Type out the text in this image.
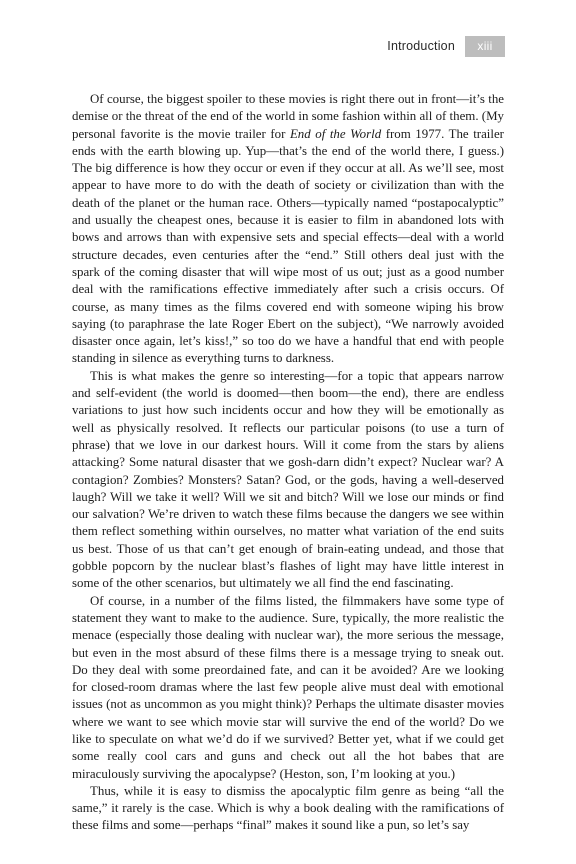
Introduction	xiii

Of course, the biggest spoiler to these movies is right there out in front—it’s the demise or the threat of the end of the world in some fashion within all of them. (My personal favorite is the movie trailer for End of the World from 1977. The trailer ends with the earth blowing up. Yup—that’s the end of the world there, I guess.) The big difference is how they occur or even if they occur at all. As we’ll see, most appear to have more to do with the death of society or civilization than with the death of the planet or the human race. Others—typically named “postapocalyptic” and usually the cheapest ones, because it is easier to film in abandoned lots with bows and arrows than with expensive sets and special effects—deal with a world structure decades, even centuries after the “end.” Still others deal just with the spark of the coming disaster that will wipe most of us out; just as a good number deal with the ramifications effective immediately after such a crisis occurs. Of course, as many times as the films covered end with someone wiping his brow saying (to paraphrase the late Roger Ebert on the subject), “We narrowly avoided disaster once again, let’s kiss!,” so too do we have a handful that end with people standing in silence as everything turns to darkness.

This is what makes the genre so interesting—for a topic that appears narrow and self-evident (the world is doomed—then boom—the end), there are endless variations to just how such incidents occur and how they will be emotionally as well as physically resolved. It reflects our particular poisons (to use a turn of phrase) that we love in our darkest hours. Will it come from the stars by aliens attacking? Some natural disaster that we gosh-darn didn’t expect? Nuclear war? A contagion? Zombies? Monsters? Satan? God, or the gods, having a well-deserved laugh? Will we take it well? Will we sit and bitch? Will we lose our minds or find our salvation? We’re driven to watch these films because the dangers we see within them reflect something within ourselves, no matter what variation of the end suits us best. Those of us that can’t get enough of brain-eating undead, and those that gobble popcorn by the nuclear blast’s flashes of light may have little interest in some of the other scenarios, but ultimately we all find the end fascinating.

Of course, in a number of the films listed, the filmmakers have some type of statement they want to make to the audience. Sure, typically, the more realistic the menace (especially those dealing with nuclear war), the more serious the message, but even in the most absurd of these films there is a message trying to sneak out. Do they deal with some preordained fate, and can it be avoided? Are we looking for closed-room dramas where the last few people alive must deal with emotional issues (not as uncommon as you might think)? Perhaps the ultimate disaster movies where we want to see which movie star will survive the end of the world? Do we like to speculate on what we’d do if we survived? Better yet, what if we could get some really cool cars and guns and check out all the hot babes that are miraculously surviving the apocalypse? (Heston, son, I’m looking at you.)

Thus, while it is easy to dismiss the apocalyptic film genre as being “all the same,” it rarely is the case. Which is why a book dealing with the ramifications of these films and some—perhaps “final” makes it sound like a pun, so let’s say
